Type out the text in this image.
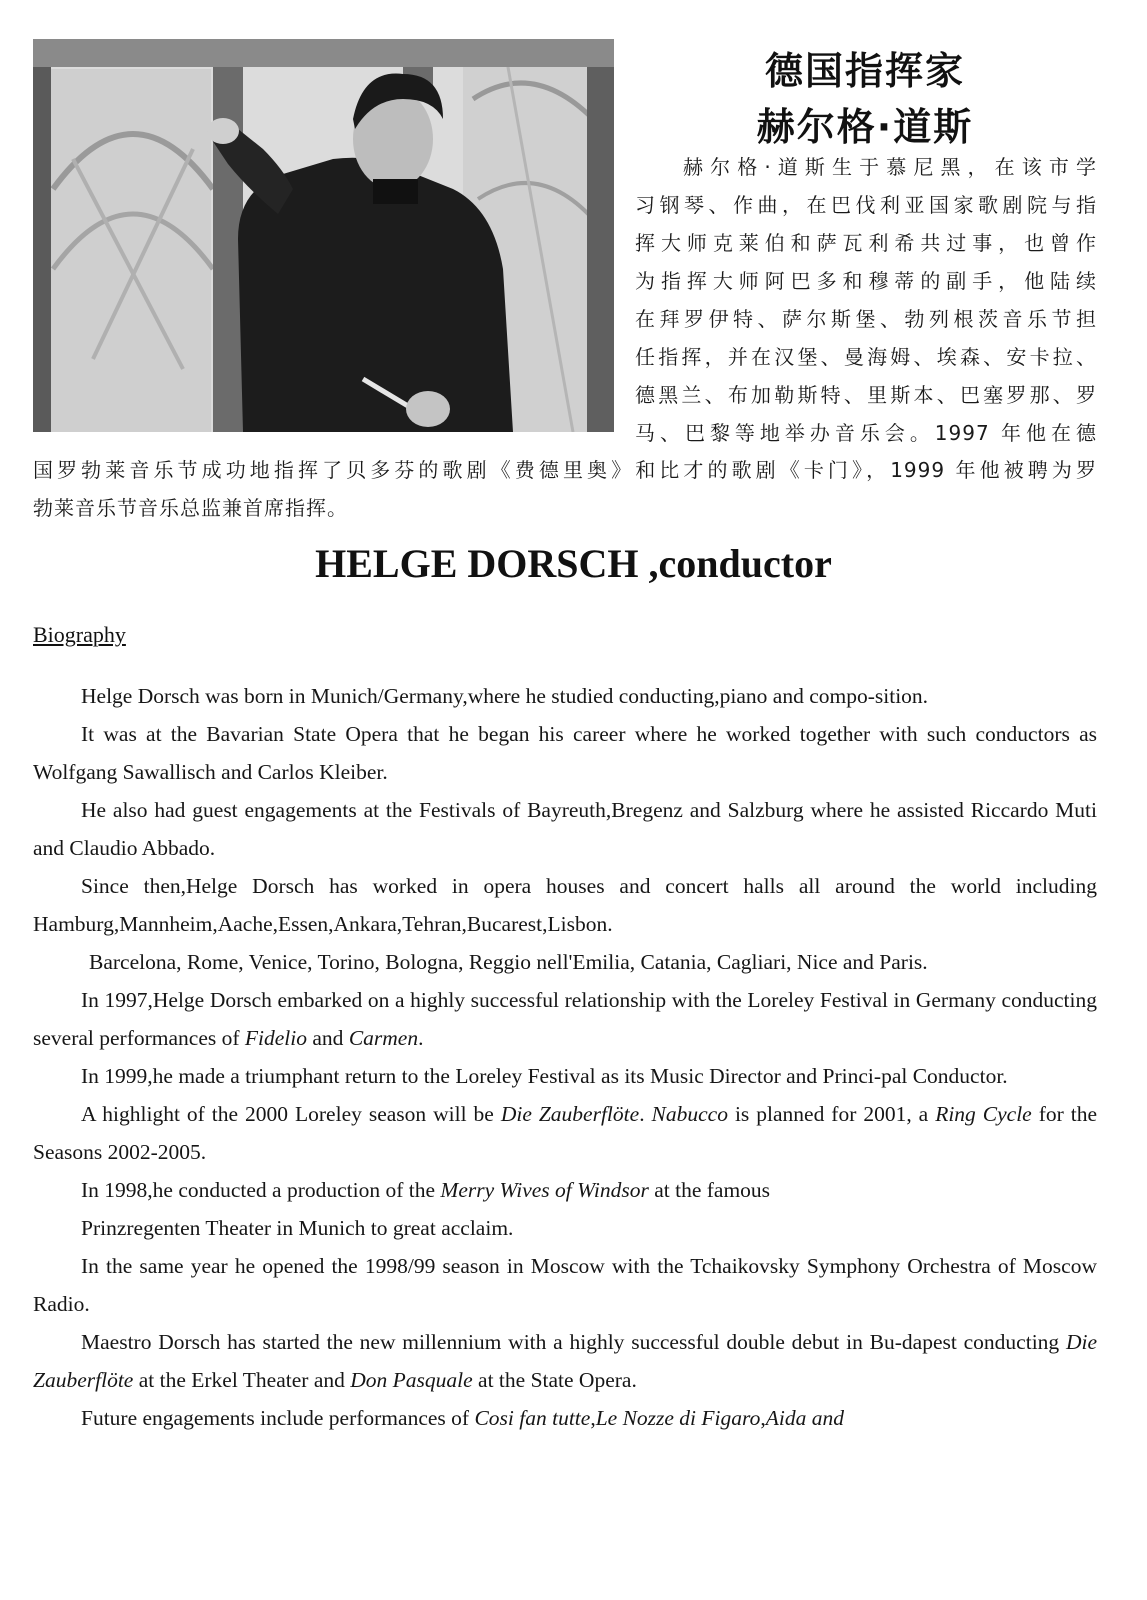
德国指挥家
赫尔格·道斯
赫尔格·道斯生于慕尼黑，在该市学
习钢琴、作曲，在巴伐利亚国家歌剧院与指
挥大师克莱伯和萨瓦利希共过事，也曾作
为指挥大师阿巴多和穆蒂的副手，他陆续
在拜罗伊特、萨尔斯堡、勃列根茨音乐节担
任指挥，并在汉堡、曼海姆、埃森、安卡拉、
德黑兰、布加勒斯特、里斯本、巴塞罗那、罗
马、巴黎等地举办音乐会。1997 年他在德
国罗勃莱音乐节成功地指挥了贝多芬的歌剧《费德里奥》和比才的歌剧《卡门》，1999 年他被聘为罗
勃莱音乐节音乐总监兼首席指挥。
HELGE DORSCH ,conductor
Biography

Helge Dorsch was born in Munich/Germany,where he studied conducting,piano and compo-sition.

It was at the Bavarian State Opera that he began his career where he worked together with such conductors as Wolfgang Sawallisch and Carlos Kleiber.

He also had guest engagements at the Festivals of Bayreuth,Bregenz and Salzburg where he assisted Riccardo Muti and Claudio Abbado.

Since then,Helge Dorsch has worked in opera houses and concert halls all around the world including Hamburg,Mannheim,Aache,Essen,Ankara,Tehran,Bucarest,Lisbon.

Barcelona, Rome, Venice, Torino, Bologna, Reggio nell'Emilia, Catania, Cagliari, Nice and Paris.

In 1997,Helge Dorsch embarked on a highly successful relationship with the Loreley Festival in Germany conducting several performances of Fidelio and Carmen.

In 1999,he made a triumphant return to the Loreley Festival as its Music Director and Princi-pal Conductor.

A highlight of the 2000 Loreley season will be Die Zauberflöte. Nabucco is planned for 2001, a Ring Cycle for the Seasons 2002-2005.

In 1998,he conducted a production of the Merry Wives of Windsor at the famous

Prinzregenten Theater in Munich to great acclaim.

In the same year he opened the 1998/99 season in Moscow with the Tchaikovsky Symphony Orchestra of Moscow Radio.

Maestro Dorsch has started the new millennium with a highly successful double debut in Bu-dapest conducting Die Zauberflöte at the Erkel Theater and Don Pasquale at the State Opera.

Future engagements include performances of Cosi fan tutte,Le Nozze di Figaro,Aida and
